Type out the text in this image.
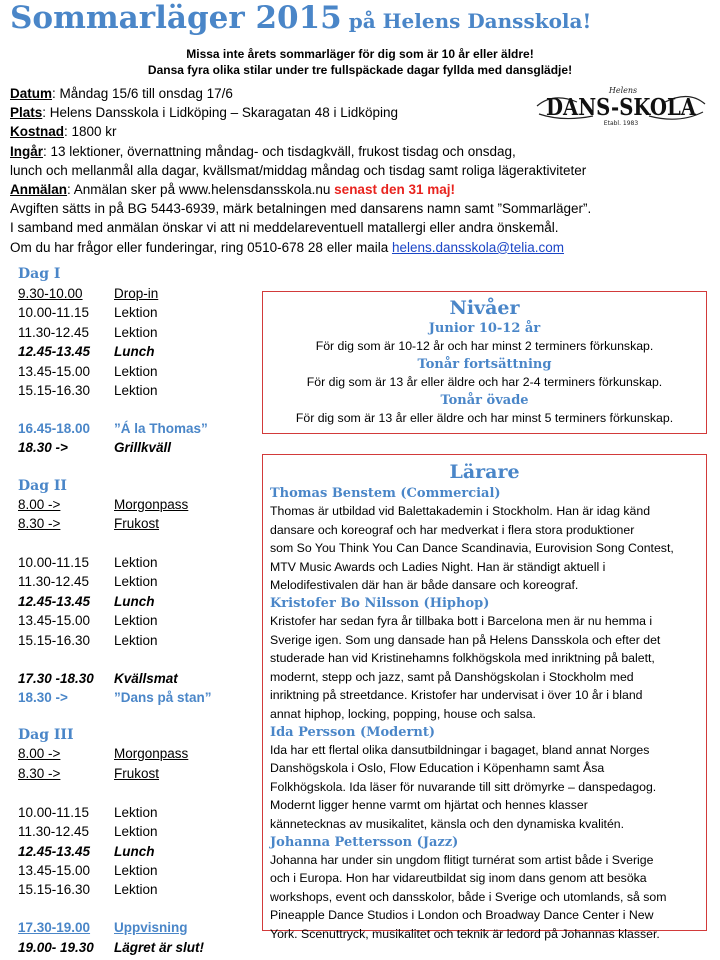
Sommarläger 2015 på Helens Dansskola!
Missa inte årets sommarläger för dig som är 10 år eller äldre!
Dansa fyra olika stilar under tre fullspäckade dagar fyllda med dansglädje!
Helens
DANS-SKOLA
Etabl. 1983
Datum: Måndag 15/6 till onsdag 17/6
Plats: Helens Dansskola i Lidköping – Skaragatan 48 i Lidköping
Kostnad: 1800 kr
Ingår: 13 lektioner, övernattning måndag- och tisdagkväll, frukost tisdag och onsdag,
lunch och mellanmål alla dagar, kvällsmat/middag måndag och tisdag samt roliga lägeraktiviteter
Anmälan: Anmälan sker på www.helensdansskola.nu senast den 31 maj!
Avgiften sätts in på BG 5443-6939, märk betalningen med dansarens namn samt ”Sommarläger”.
I samband med anmälan önskar vi att ni meddelareventuell matallergi eller andra önskemål.
Om du har frågor eller funderingar, ring 0510-678 28 eller maila helens.dansskola@telia.com
Dag I
9.30-10.00 Drop-in
10.00-11.15 Lektion
11.30-12.45 Lektion
12.45-13.45 Lunch
13.45-15.00 Lektion
15.15-16.30 Lektion
16.45-18.00 ”Á la Thomas”
18.30 ->	Grillkväll
Dag II
8.00 ->	Morgonpass
8.30 ->	Frukost
10.00-11.15 Lektion
11.30-12.45 Lektion
12.45-13.45 Lunch
13.45-15.00 Lektion
15.15-16.30 Lektion
17.30 -18.30 Kvällsmat
18.30 ->	”Dans på stan”
Dag III
8.00 ->	Morgonpass
8.30 ->	Frukost
10.00-11.15 Lektion
11.30-12.45 Lektion
12.45-13.45 Lunch
13.45-15.00 Lektion
15.15-16.30 Lektion
17.30-19.00 Uppvisning
19.00- 19.30 Lägret är slut!
Nivåer
Junior 10-12 år
För dig som är 10-12 år och har minst 2 terminers förkunskap.
Tonår fortsättning
För dig som är 13 år eller äldre och har 2-4 terminers förkunskap.
Tonår övade
För dig som är 13 år eller äldre och har minst 5 terminers förkunskap.
Lärare
Thomas Benstem (Commercial)
Thomas är utbildad vid Balettakademin i Stockholm. Han är idag känd
dansare och koreograf och har medverkat i flera stora produktioner
som So You Think You Can Dance Scandinavia, Eurovision Song Contest,
MTV Music Awards och Ladies Night. Han är ständigt aktuell i
Melodifestivalen där han är både dansare och koreograf.
Kristofer Bo Nilsson (Hiphop)
Kristofer har sedan fyra år tillbaka bott i Barcelona men är nu hemma i
Sverige igen. Som ung dansade han på Helens Dansskola och efter det
studerade han vid Kristinehamns folkhögskola med inriktning på balett,
modernt, stepp och jazz, samt på Danshögskolan i Stockholm med
inriktning på streetdance. Kristofer har undervisat i över 10 år i bland
annat hiphop, locking, popping, house och salsa.
Ida Persson (Modernt)
Ida har ett flertal olika dansutbildningar i bagaget, bland annat Norges
Danshögskola i Oslo, Flow Education i Köpenhamn samt Åsa
Folkhögskola. Ida läser för nuvarande till sitt drömyrke – danspedagog.
Modernt ligger henne varmt om hjärtat och hennes klasser
kännetecknas av musikalitet, känsla och den dynamiska kvalitén.
Johanna Pettersson (Jazz)
Johanna har under sin ungdom flitigt turnérat som artist både i Sverige
och i Europa. Hon har vidareutbildat sig inom dans genom att besöka
workshops, event och dansskolor, både i Sverige och utomlands, så som
Pineapple Dance Studios i London och Broadway Dance Center i New
York. Scenuttryck, musikalitet och teknik är ledord på Johannas klasser.
